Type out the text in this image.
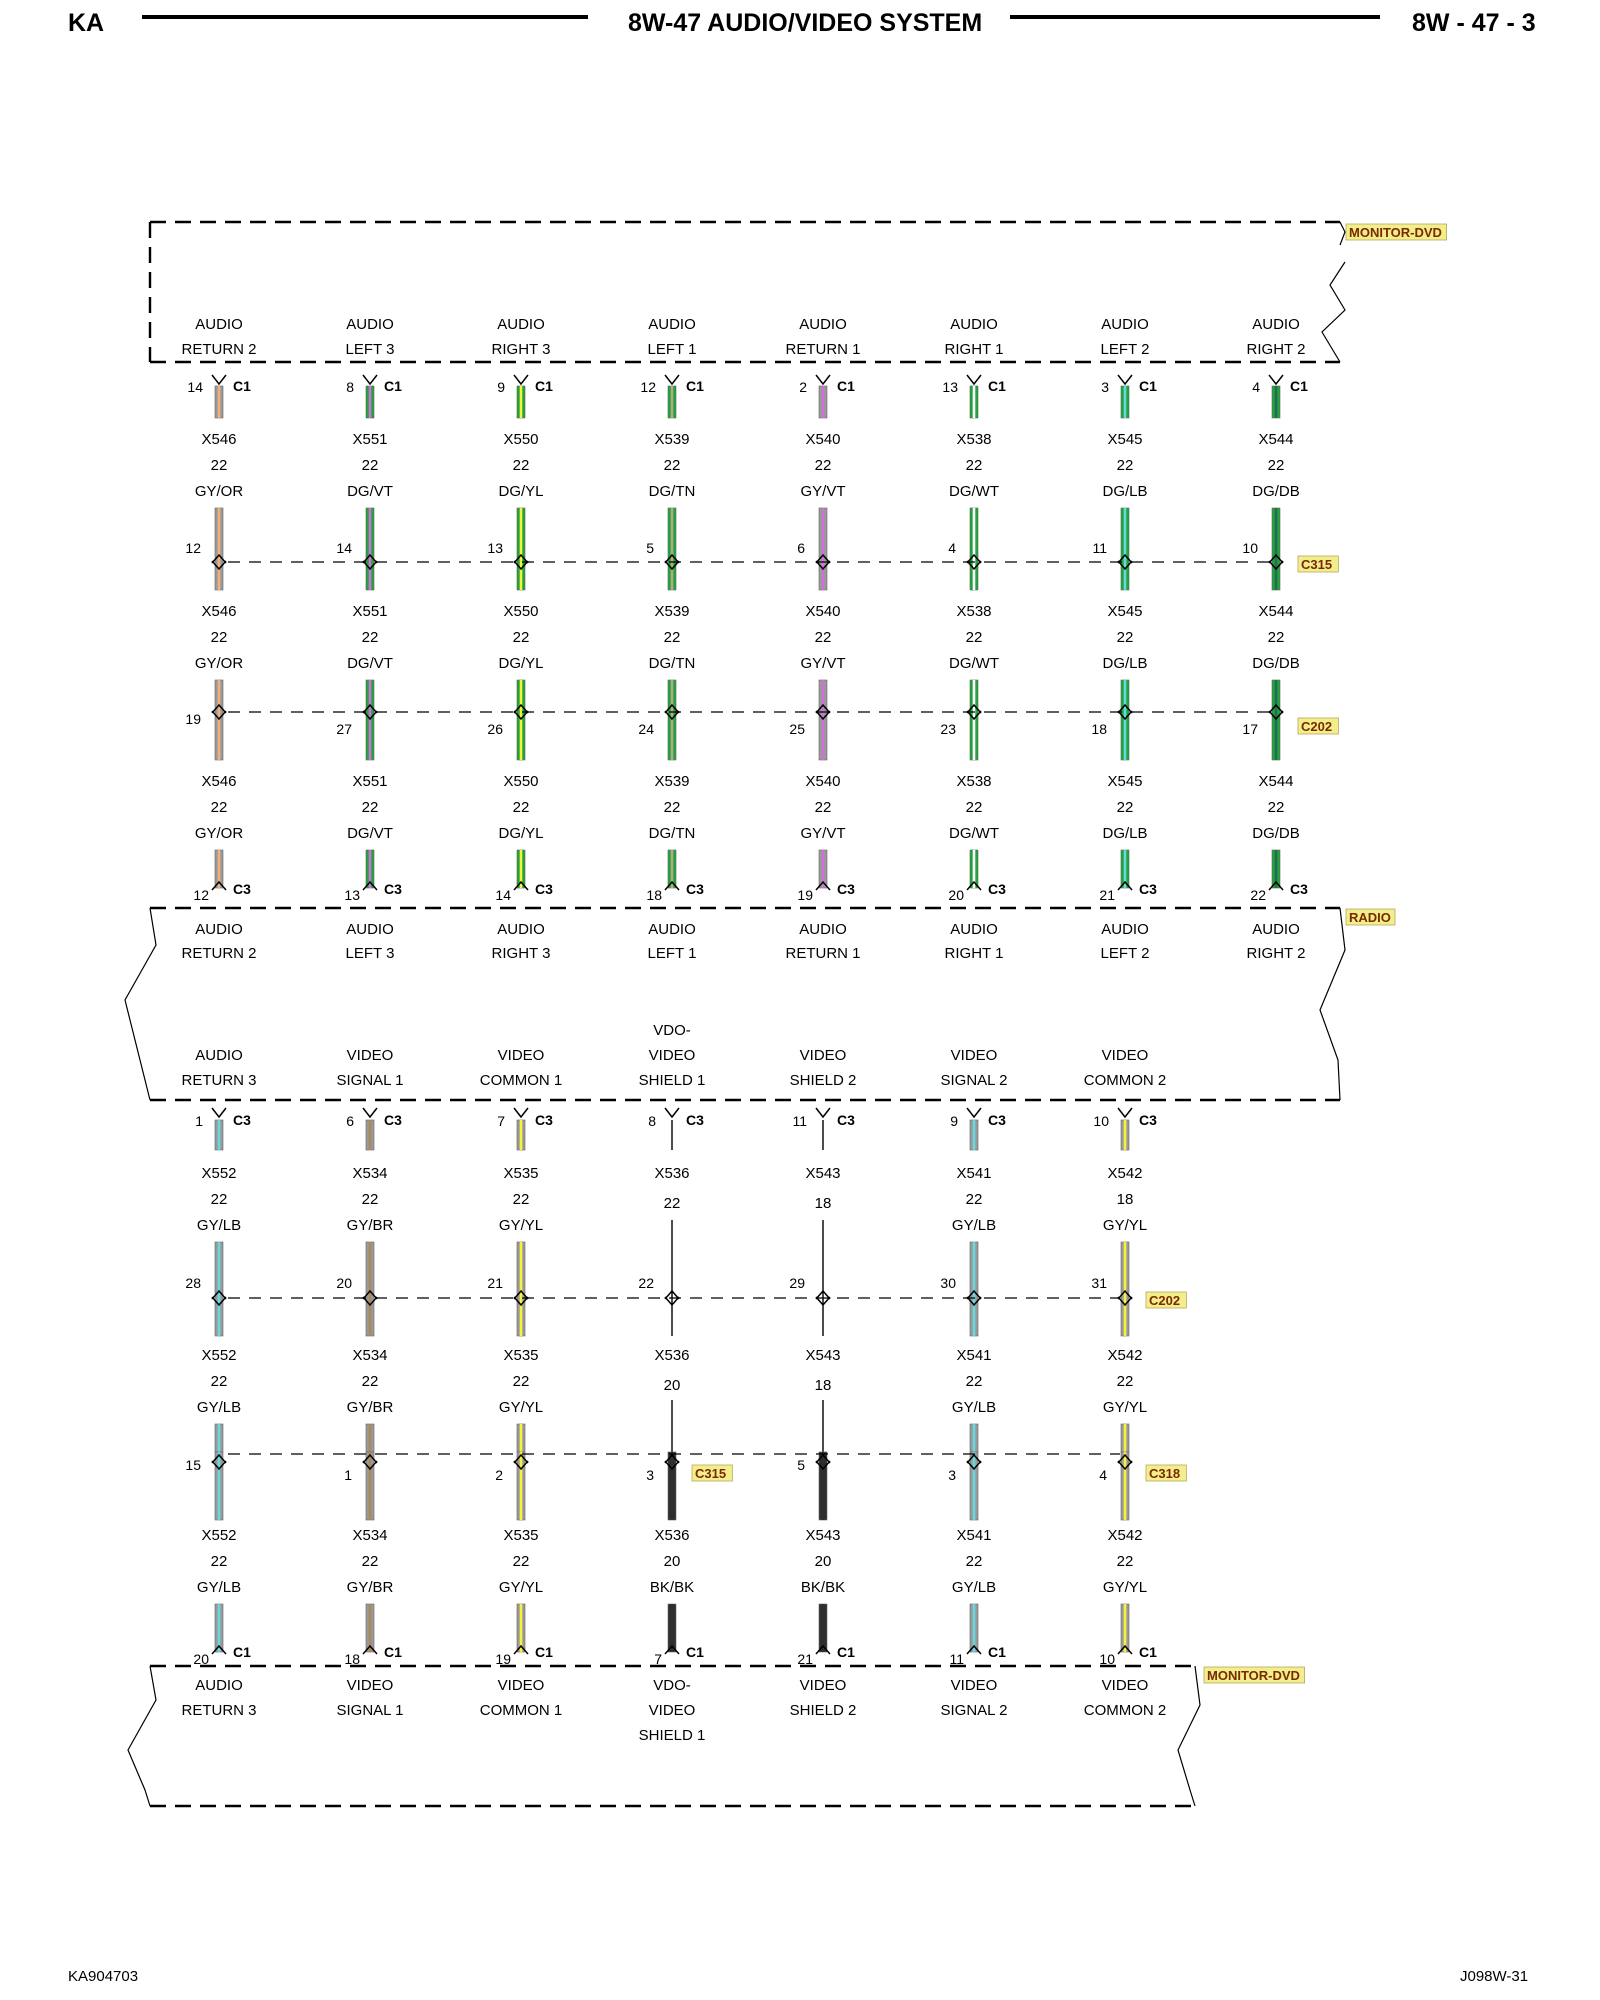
KA	8W-47 AUDIO/VIDEO SYSTEM	8W - 47 - 3
MONITOR-DVD
AUDIO
RETURN 2
14 C1
X546
22
GY/OR
12
X546
22
GY/OR
19
X546
22
GY/OR
12 C3
AUDIO
RETURN 2
AUDIO
LEFT 3
8 C1
X551
22
DG/VT
14
X551
22
DG/VT
27
X551
22
DG/VT
13 C3
AUDIO
LEFT 3
AUDIO
RIGHT 3
9 C1
X550
22
DG/YL
13
X550
22
DG/YL
26
X550
22
DG/YL
14 C3
AUDIO
RIGHT 3
AUDIO
LEFT 1
12 C1
X539
22
DG/TN
5
X539
22
DG/TN
24
X539
22
DG/TN
18 C3
AUDIO
LEFT 1
AUDIO
RETURN 1
2 C1
X540
22
GY/VT
6
X540
22
GY/VT
25
X540
22
GY/VT
19 C3
AUDIO
RETURN 1
AUDIO
RIGHT 1
13 C1
X538
22
DG/WT
4
X538
22
DG/WT
23
X538
22
DG/WT
20 C3
AUDIO
RIGHT 1
AUDIO
LEFT 2
3 C1
X545
22
DG/LB
11
X545
22
DG/LB
18
X545
22
DG/LB
21 C3
AUDIO
LEFT 2
AUDIO
RIGHT 2
4 C1
X544
22
DG/DB
10
X544
22
DG/DB
17
X544
22
DG/DB
22 C3
AUDIO
RIGHT 2
C315
C202
RADIO
AUDIO
RETURN 3
1 C3
X552
22
GY/LB
28
X552
22
GY/LB
15
X552
22
GY/LB
20 C1
AUDIO
RETURN 3
VIDEO
SIGNAL 1
6 C3
X534
22
GY/BR
20
X534
22
GY/BR
1
X534
22
GY/BR
18 C1
VIDEO
SIGNAL 1
VIDEO
COMMON 1
7 C3
X535
22
GY/YL
21
X535
22
GY/YL
2
X535
22
GY/YL
19 C1
VIDEO
COMMON 1
VDO-
VIDEO
SHIELD 1
8 C3
X536
22
22
X536
20
3
X536
20
BK/BK
7 C1
VDO-
VIDEO
SHIELD 1
VIDEO
SHIELD 2
11 C3
X543
18
29
X543
18
5
X543
20
BK/BK
21 C1
VIDEO
SHIELD 2
VIDEO
SIGNAL 2
9 C3
X541
22
GY/LB
30
X541
22
GY/LB
3
X541
22
GY/LB
11 C1
VIDEO
SIGNAL 2
VIDEO
COMMON 2
10 C3
X542
18
GY/YL
31
X542
22
GY/YL
4
X542
22
GY/YL
10 C1
VIDEO
COMMON 2
C202
C315	C318
MONITOR-DVD
KA904703	J098W-31
